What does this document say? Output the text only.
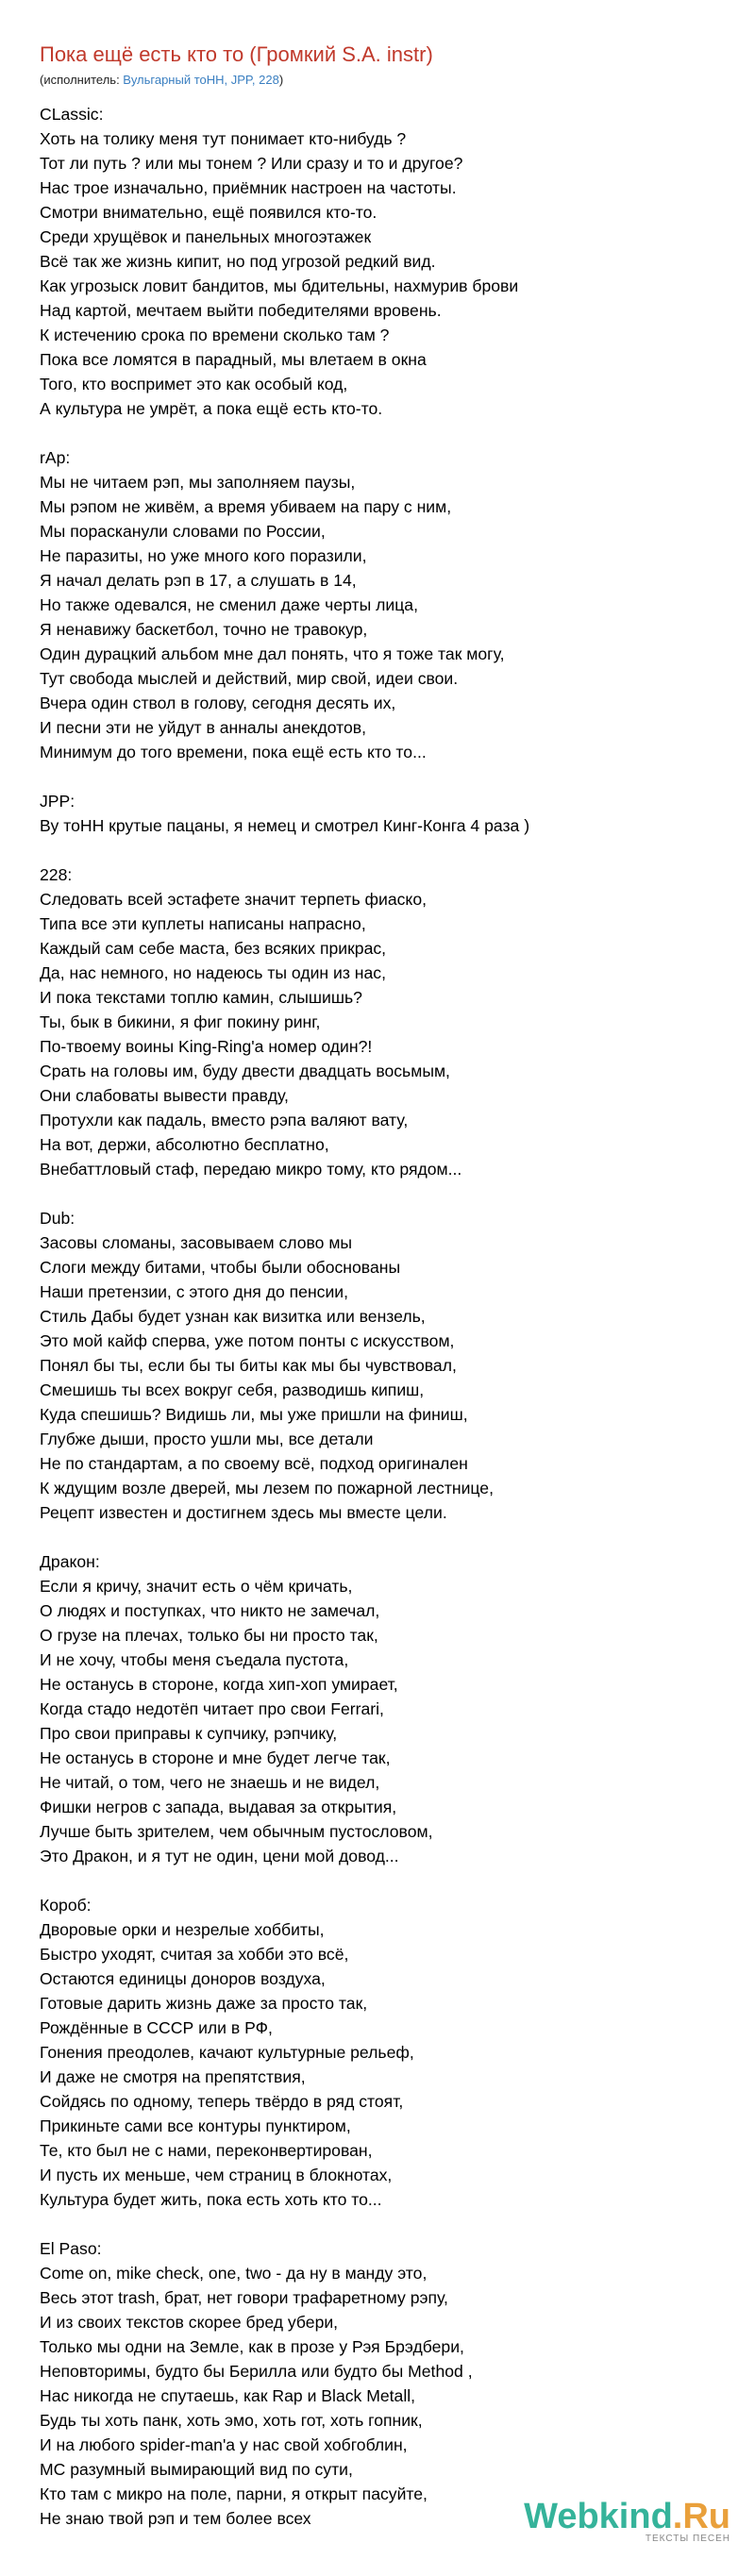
Пока ещё есть кто то (Громкий S.A. instr)
(исполнитель: Вульгарный тоНН, JPP, 228)
CLassic:
Хоть на толику меня тут понимает кто-нибудь ?
Тот ли путь ? или мы тонем ? Или сразу и то и другое?
Нас трое изначально, приёмник настроен на частоты.
Смотри внимательно, ещё появился кто-то.
Среди хрущёвок и панельных многоэтажек
Всё так же жизнь кипит, но под угрозой редкий вид.
Как угрозыск ловит бандитов, мы бдительны, нахмурив брови
Над картой, мечтаем выйти победителями вровень.
К истечению срока по времени сколько там ?
Пока все ломятся в парадный, мы влетаем в окна
Того, кто воспримет это как особый код,
А культура не умрёт, а пока ещё есть кто-то.
rAp:
Мы не читаем рэп, мы заполняем паузы,
Мы рэпом не живём, а время убиваем на пару с ним,
Мы порасканули словами по России,
Не паразиты, но уже много кого поразили,
Я начал делать рэп в 17, а слушать в 14,
Но также одевался, не сменил даже черты лица,
Я ненавижу баскетбол, точно не травокур,
Один дурацкий альбом мне дал понять, что я тоже так могу,
Тут свобода мыслей и действий, мир свой, идеи свои.
Вчера один ствол в голову, сегодня десять их,
И песни эти не уйдут в анналы анекдотов,
Минимум до того времени, пока ещё есть кто то...
JPP:
Ву тоНН крутые пацаны, я немец и смотрел Кинг-Конга 4 раза )
228:
Следовать всей эстафете значит терпеть фиаско,
Типа все эти куплеты написаны напрасно,
Каждый сам себе маста, без всяких прикрас,
Да, нас немного, но надеюсь ты один из нас,
И пока текстами топлю камин, слышишь?
Ты, бык в бикини, я фиг покину ринг,
По-твоему воины King-Ring'a номер один?!
Срать на головы им, буду двести двадцать восьмым,
Они слабоваты вывести правду,
Протухли как падаль, вместо рэпа валяют вату,
На вот, держи, абсолютно бесплатно,
Внебаттловый стаф, передаю микро тому, кто рядом...
Dub:
Засовы сломаны, засовываем слово мы
Слоги между битами, чтобы были обоснованы
Наши претензии, с этого дня до пенсии,
Стиль Дабы будет узнан как визитка или вензель,
Это мой кайф сперва, уже потом понты с искусством,
Понял бы ты, если бы ты биты как мы бы чувствовал,
Смешишь ты всех вокруг себя, разводишь кипиш,
Куда спешишь? Видишь ли, мы уже пришли на финиш,
Глубже дыши, просто ушли мы, все детали
Не по стандартам, а по своему всё, подход оригинален
К ждущим возле дверей, мы лезем по пожарной лестнице,
Рецепт известен и достигнем здесь мы вместе цели.
Дракон:
Если я кричу, значит есть о чём кричать,
О людях и поступках, что никто не замечал,
О грузе на плечах, только бы ни просто так,
И не хочу, чтобы меня съедала пустота,
Не останусь в стороне, когда хип-хоп умирает,
Когда стадо недотёп читает про свои Ferrari,
Про свои приправы к супчику, рэпчику,
Не останусь в стороне и мне будет легче так,
Не читай, о том, чего не знаешь и не видел,
Фишки негров с запада, выдавая за открытия,
Лучше быть зрителем, чем обычным пустословом,
Это Дракон, и я тут не один, цени мой довод...
Короб:
Дворовые орки и незрелые хоббиты,
Быстро уходят, считая за хобби это всё,
Остаются единицы доноров воздуха,
Готовые дарить жизнь даже за просто так,
Рождённые в СССР или в РФ,
Гонения преодолев, качают культурные рельеф,
И даже не смотря на препятствия,
Сойдясь по одному, теперь твёрдо в ряд стоят,
Прикиньте сами все контуры пунктиром,
Те, кто был не с нами, переконвертирован,
И пусть их меньше, чем страниц в блокнотах,
Культура будет жить, пока есть хоть кто то...
El Paso:
Come on, mike check, one, two - да ну в манду это,
Весь этот trash, брат, нет говори трафаретному рэпу,
И из своих текстов скорее бред убери,
Только мы одни на Земле, как в прозе у Рэя Брэдбери,
Неповторимы, будто бы Берилла или будто бы Method ,
Нас никогда не спутаешь, как Rap и Black Metall,
Будь ты хоть панк, хоть эмо, хоть гот, хоть гопник,
И на любого spider-man'a у нас свой хобгоблин,
МС разумный вымирающий вид по сути,
Кто там с микро на поле, парни, я открыт пасуйте,
Не знаю твой рэп и тем более всех	Webkind.Ru
ТЕКСТЫ ПЕСЕН
